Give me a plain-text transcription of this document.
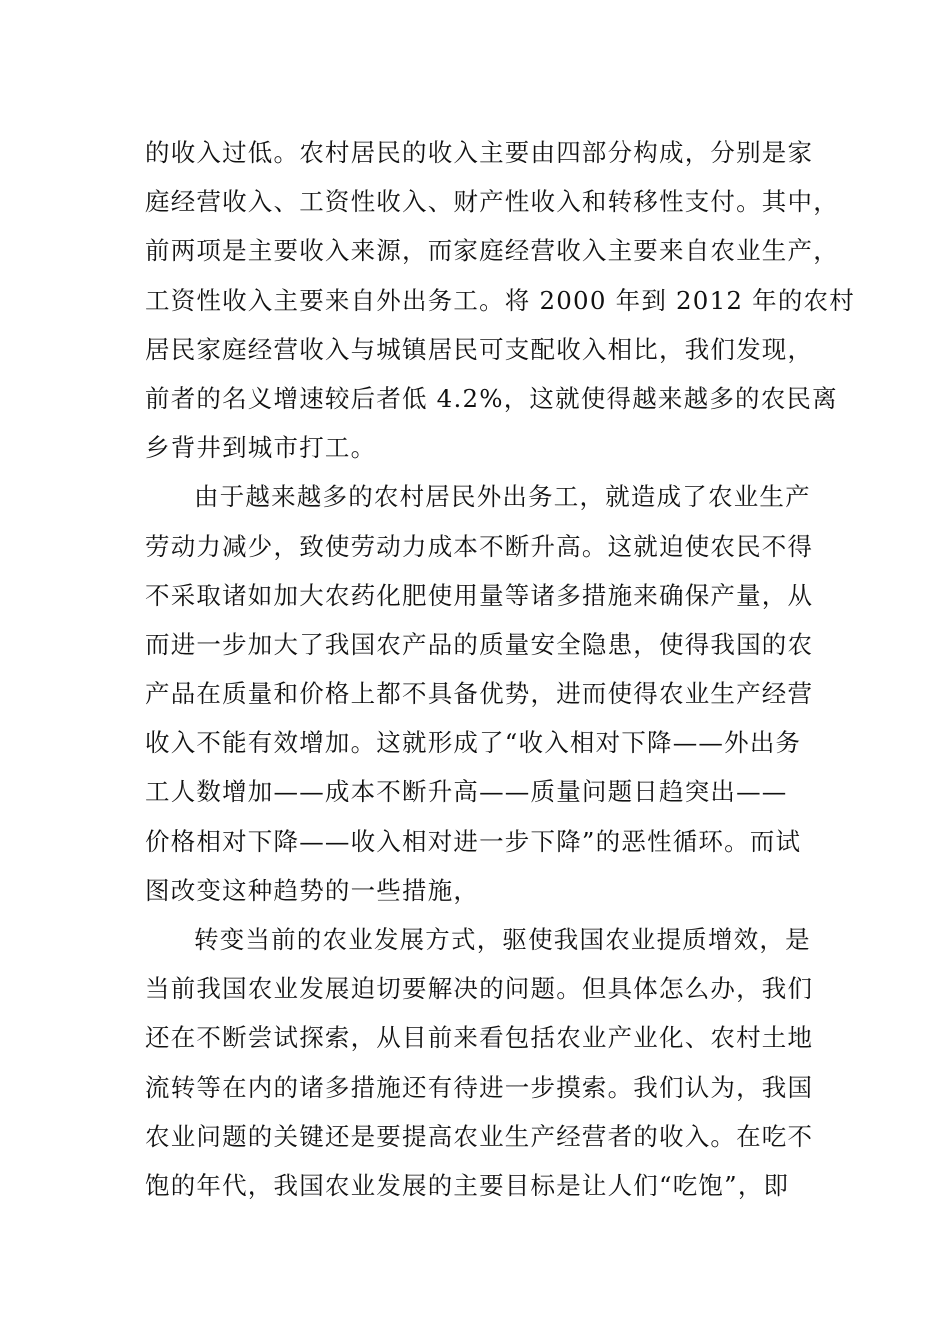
的收入过低。农村居民的收入主要由四部分构成，分别是家
庭经营收入、工资性收入、财产性收入和转移性支付。其中，
前两项是主要收入来源，而家庭经营收入主要来自农业生产，
工资性收入主要来自外出务工。将 2000 年到 2012 年的农村
居民家庭经营收入与城镇居民可支配收入相比，我们发现，
前者的名义增速较后者低 4.2%，这就使得越来越多的农民离
乡背井到城市打工。
由于越来越多的农村居民外出务工，就造成了农业生产
劳动力减少，致使劳动力成本不断升高。这就迫使农民不得
不采取诸如加大农药化肥使用量等诸多措施来确保产量，从
而进一步加大了我国农产品的质量安全隐患，使得我国的农
产品在质量和价格上都不具备优势，进而使得农业生产经营
收入不能有效增加。这就形成了“收入相对下降——外出务
工人数增加——成本不断升高——质量问题日趋突出——
价格相对下降——收入相对进一步下降”的恶性循环。而试
图改变这种趋势的一些措施，
转变当前的农业发展方式，驱使我国农业提质增效，是
当前我国农业发展迫切要解决的问题。但具体怎么办，我们
还在不断尝试探索，从目前来看包括农业产业化、农村土地
流转等在内的诸多措施还有待进一步摸索。我们认为，我国
农业问题的关键还是要提高农业生产经营者的收入。在吃不
饱的年代，我国农业发展的主要目标是让人们“吃饱”，即
